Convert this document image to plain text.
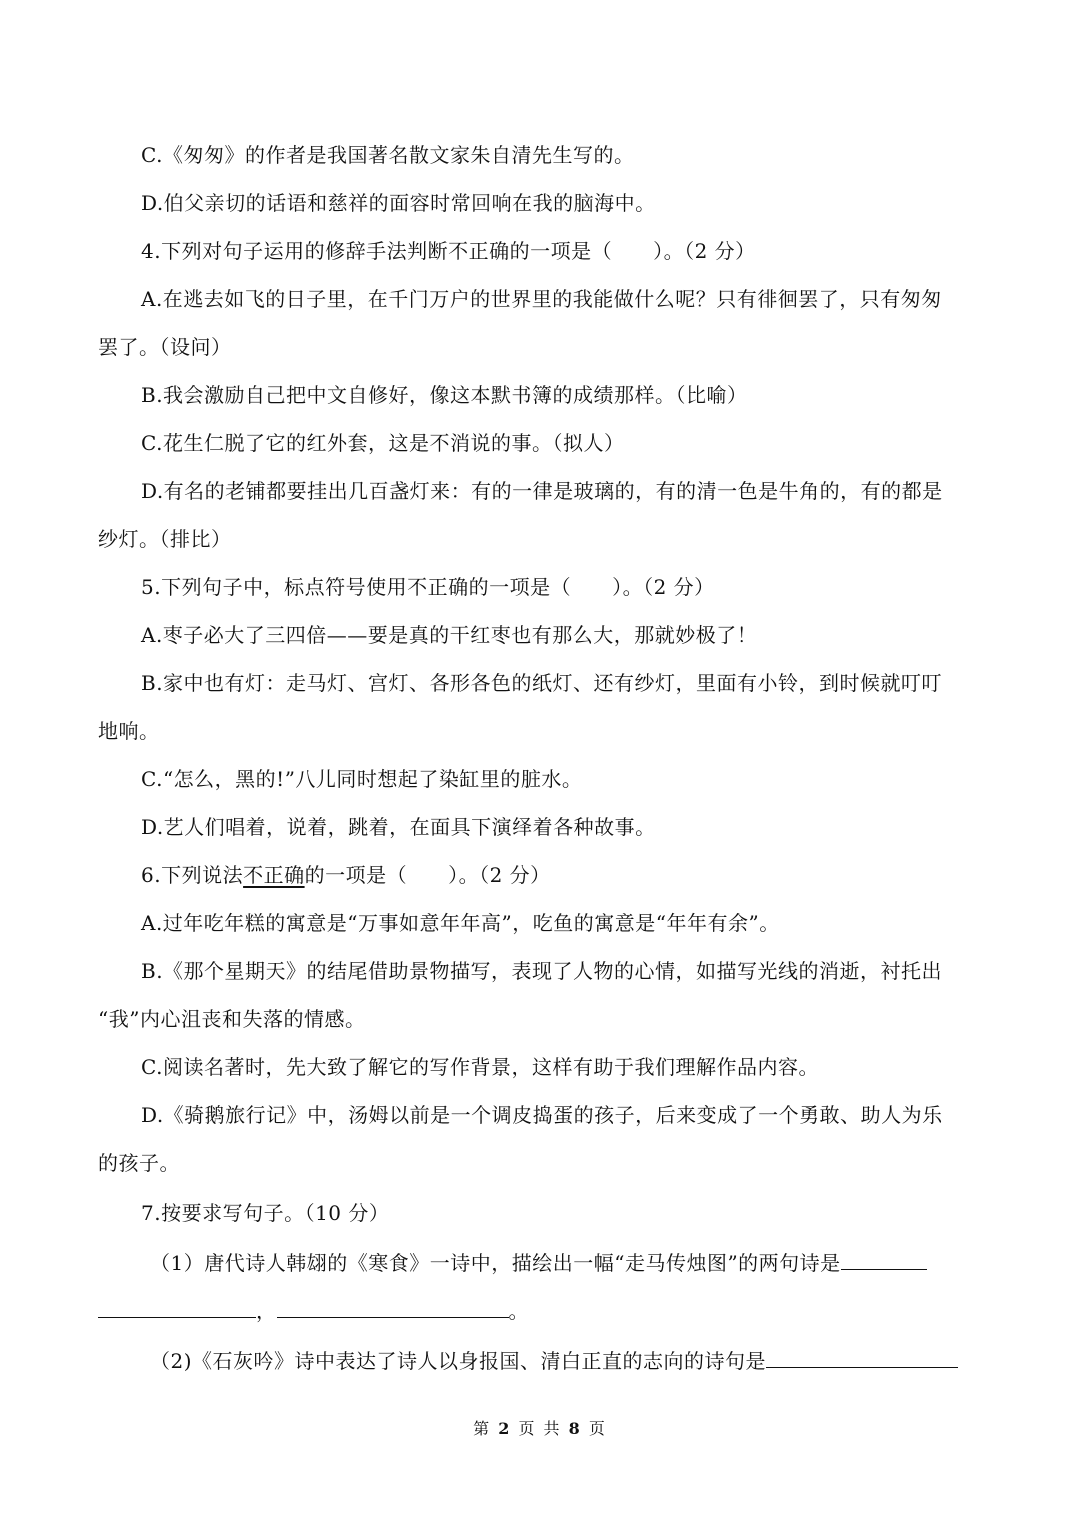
C.《匆匆》的作者是我国著名散文家朱自清先生写的。
D.伯父亲切的话语和慈祥的面容时常回响在我的脑海中。
4.下列对句子运用的修辞手法判断不正确的一项是（　　）。（2 分）
A.在逃去如飞的日子里，在千门万户的世界里的我能做什么呢？只有徘徊罢了，只有匆匆
罢了。（设问）
B.我会激励自己把中文自修好，像这本默书簿的成绩那样。（比喻）
C.花生仁脱了它的红外套，这是不消说的事。（拟人）
D.有名的老铺都要挂出几百盏灯来：有的一律是玻璃的，有的清一色是牛角的，有的都是
纱灯。（排比）
5.下列句子中，标点符号使用不正确的一项是（　　）。（2 分）
A.枣子必大了三四倍——要是真的干红枣也有那么大，那就妙极了！
B.家中也有灯：走马灯、宫灯、各形各色的纸灯、还有纱灯，里面有小铃，到时候就叮叮
地响。
C.“怎么，黑的!”八儿同时想起了染缸里的脏水。
D.艺人们唱着，说着，跳着，在面具下演绎着各种故事。
6.下列说法不正确的一项是（　　）。（2 分）
A.过年吃年糕的寓意是“万事如意年年高”，吃鱼的寓意是“年年有余”。
B.《那个星期天》的结尾借助景物描写，表现了人物的心情，如描写光线的消逝，衬托出
“我”内心沮丧和失落的情感。
C.阅读名著时，先大致了解它的写作背景，这样有助于我们理解作品内容。
D.《骑鹅旅行记》中，汤姆以前是一个调皮捣蛋的孩子，后来变成了一个勇敢、助人为乐
的孩子。
7.按要求写句子。（10 分）
（1）唐代诗人韩翃的《寒食》一诗中，描绘出一幅“走马传烛图”的两句诗是
，	。
（2)《石灰吟》诗中表达了诗人以身报国、清白正直的志向的诗句是
第 2 页 共 8 页
